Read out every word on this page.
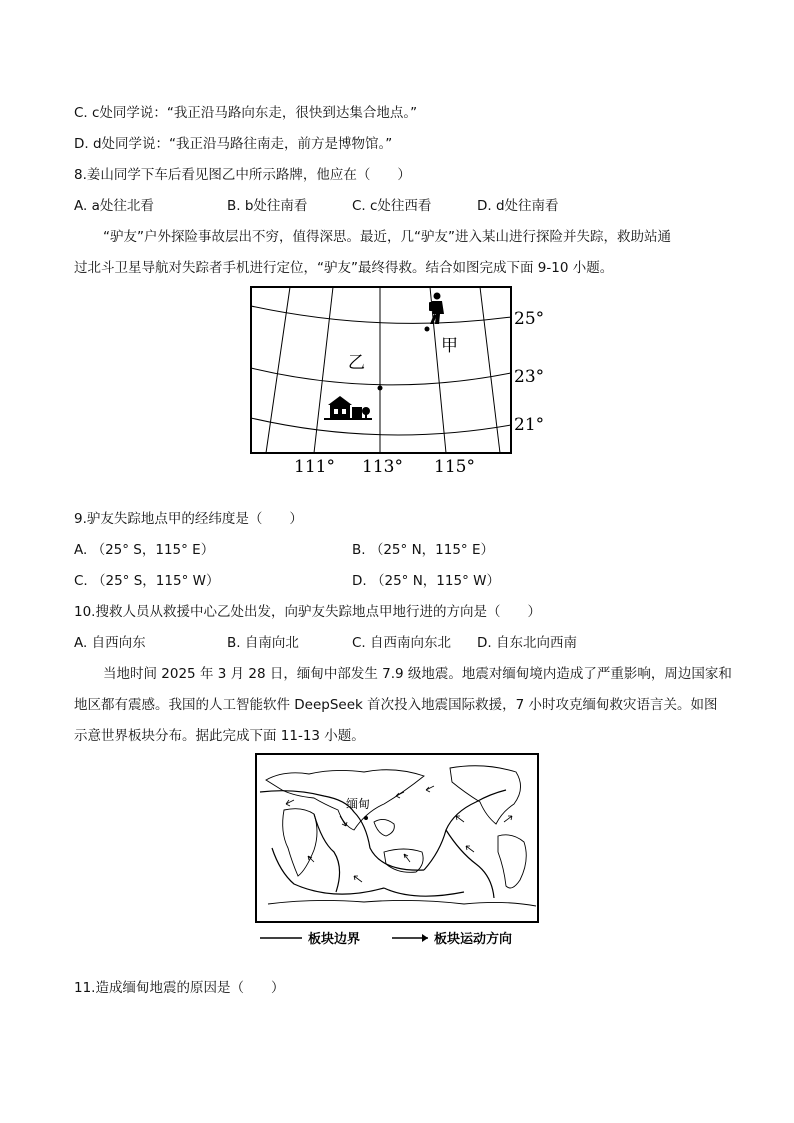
C. c处同学说：“我正沿马路向东走，很快到达集合地点。”
D. d处同学说：“我正沿马路往南走，前方是博物馆。”
8.姜山同学下车后看见图乙中所示路牌，他应在（　　）
A. a处往北看	B. b处往南看	C. c处往西看	D. d处往南看
“驴友”户外探险事故层出不穷，值得深思。最近，几“驴友”进入某山进行探险并失踪，救助站通
过北斗卫星导航对失踪者手机进行定位，“驴友”最终得救。结合如图完成下面 9-10 小题。
甲
乙
25°
23°
21°
111° 113° 115°
9.驴友失踪地点甲的经纬度是（　　）
A. （25° S，115° E）	B. （25° N，115° E）
C. （25° S，115° W）	D. （25° N，115° W）
10.搜救人员从救援中心乙处出发，向驴友失踪地点甲地行进的方向是（　　）
A. 自西向东	B. 自南向北	C. 自西南向东北 D. 自东北向西南
当地时间 2025 年 3 月 28 日，缅甸中部发生 7.9 级地震。地震对缅甸境内造成了严重影响，周边国家和
地区都有震感。我国的人工智能软件 DeepSeek 首次投入地震国际救援，7 小时攻克缅甸救灾语言关。如图
示意世界板块分布。据此完成下面 11-13 小题。
缅甸
板块边界	板块运动方向
11.造成缅甸地震的原因是（　　）
